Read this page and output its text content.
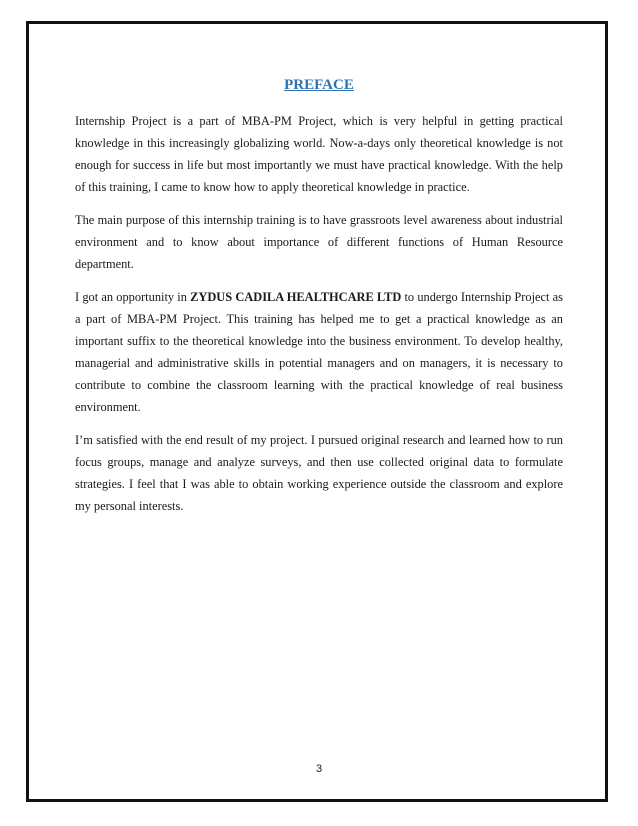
PREFACE

Internship Project is a part of MBA-PM Project, which is very helpful in getting practical knowledge in this increasingly globalizing world. Now-a-days only theoretical knowledge is not enough for success in life but most importantly we must have practical knowledge. With the help of this training, I came to know how to apply theoretical knowledge in practice.

The main purpose of this internship training is to have grassroots level awareness about industrial environment and to know about importance of different functions of Human Resource department.

I got an opportunity in ZYDUS CADILA HEALTHCARE LTD to undergo Internship Project as a part of MBA-PM Project. This training has helped me to get a practical knowledge as an important suffix to the theoretical knowledge into the business environment. To develop healthy, managerial and administrative skills in potential managers and on managers, it is necessary to contribute to combine the classroom learning with the practical knowledge of real business environment.

I’m satisfied with the end result of my project. I pursued original research and learned how to run focus groups, manage and analyze surveys, and then use collected original data to formulate strategies. I feel that I was able to obtain working experience outside the classroom and explore my personal interests.

3
